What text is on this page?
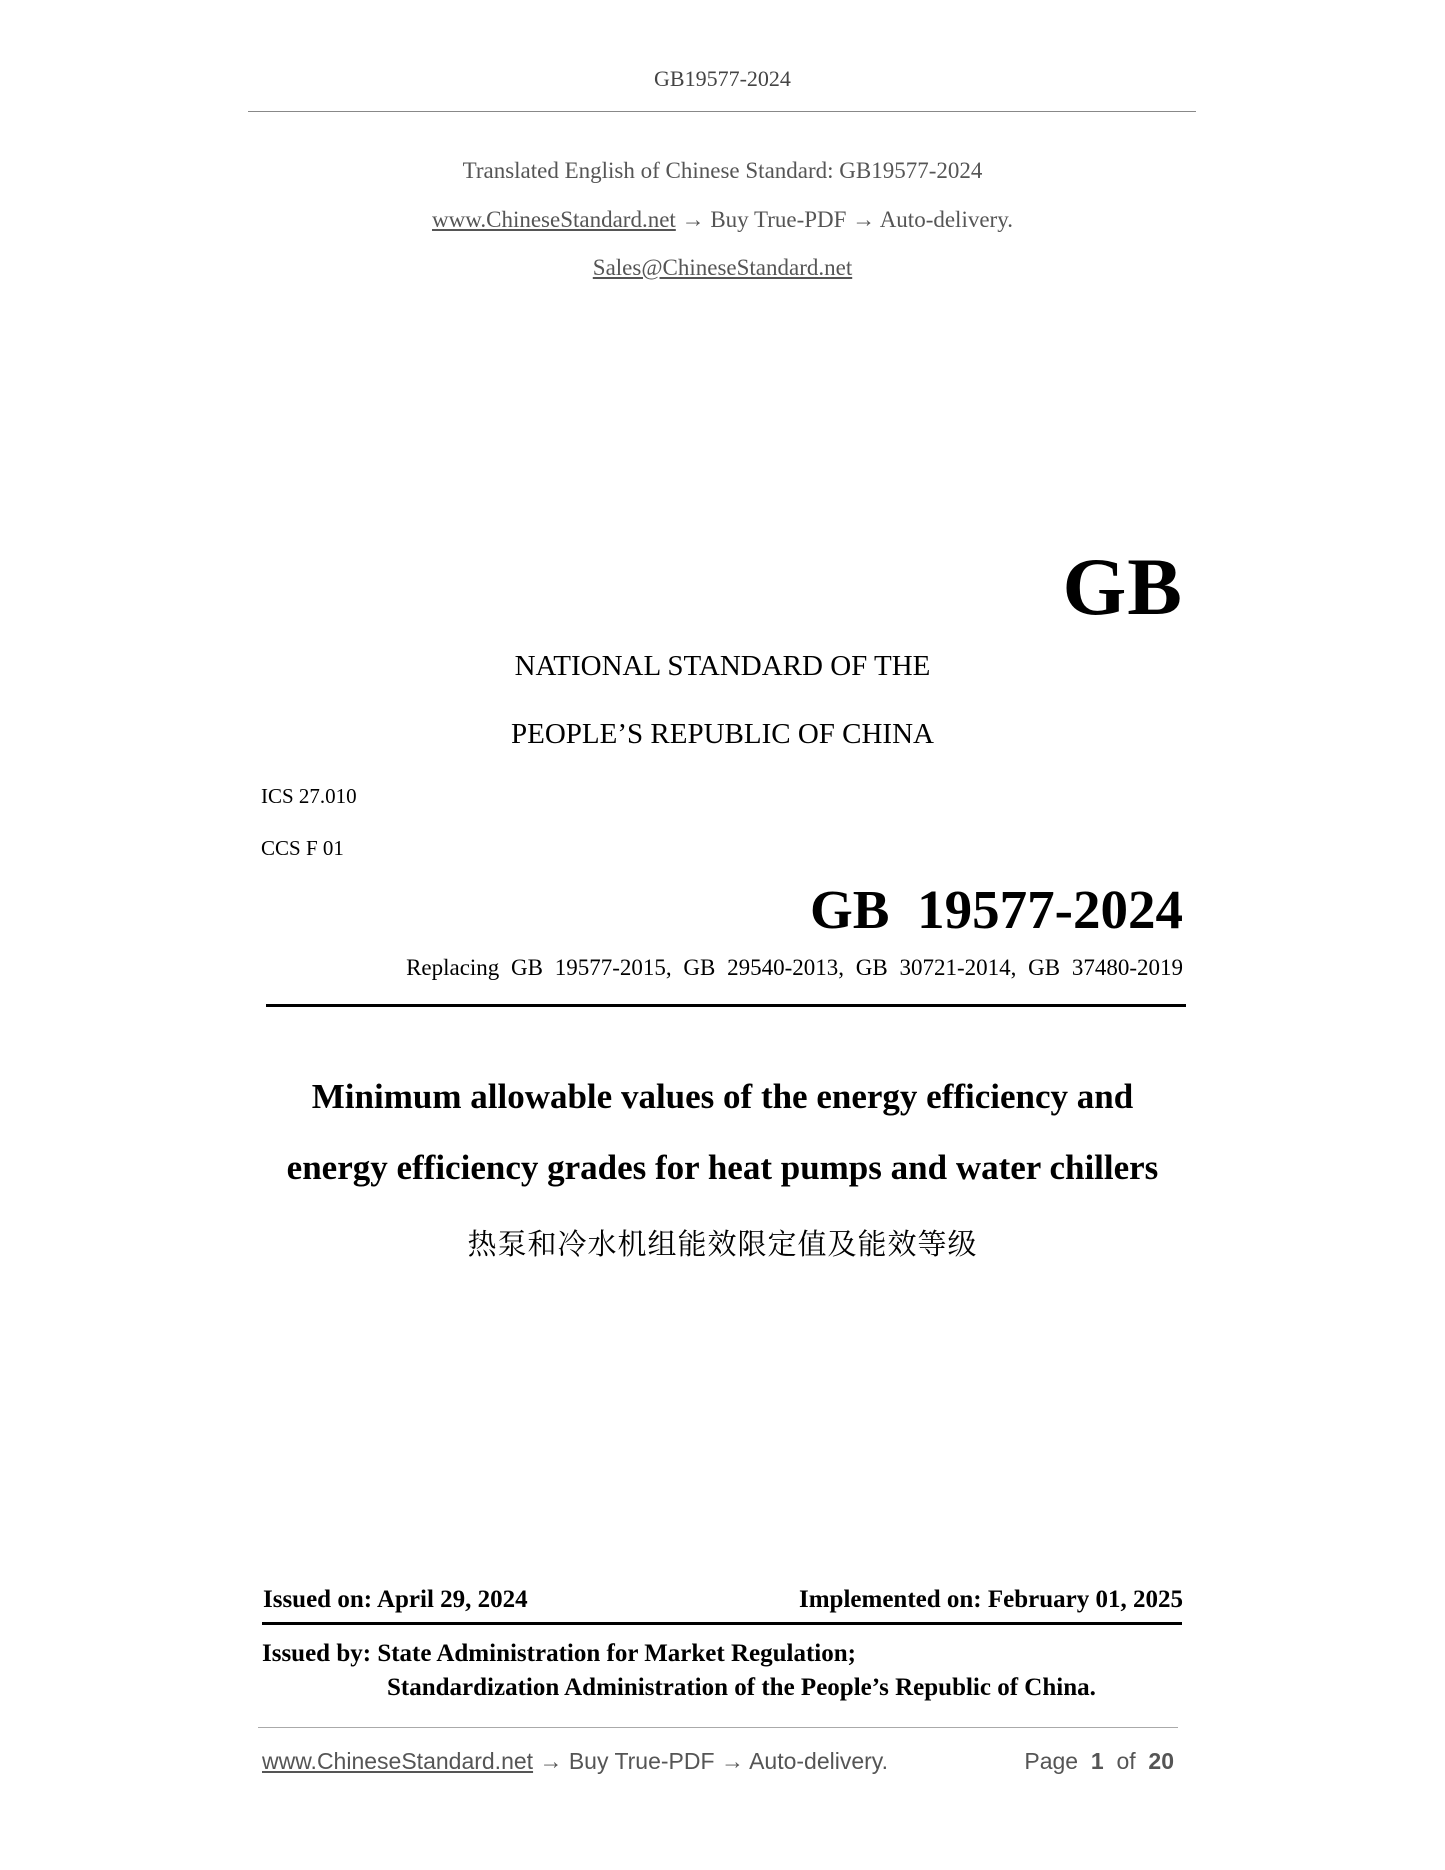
GB19577-2024
Translated English of Chinese Standard: GB19577-2024
www.ChineseStandard.net → Buy True-PDF → Auto-delivery.
Sales@ChineseStandard.net
GB
NATIONAL STANDARD OF THE
PEOPLE’S REPUBLIC OF CHINA
ICS 27.010
CCS F 01
GB 19577-2024
Replacing GB 19577-2015, GB 29540-2013, GB 30721-2014, GB 37480-2019
Minimum allowable values of the energy efficiency and
energy efficiency grades for heat pumps and water chillers
热泵和冷水机组能效限定值及能效等级
Issued on: April 29, 2024	Implemented on: February 01, 2025
Issued by: State Administration for Market Regulation;
Standardization Administration of the People’s Republic of China.
www.ChineseStandard.net → Buy True-PDF → Auto-delivery.	Page 1 of 20
